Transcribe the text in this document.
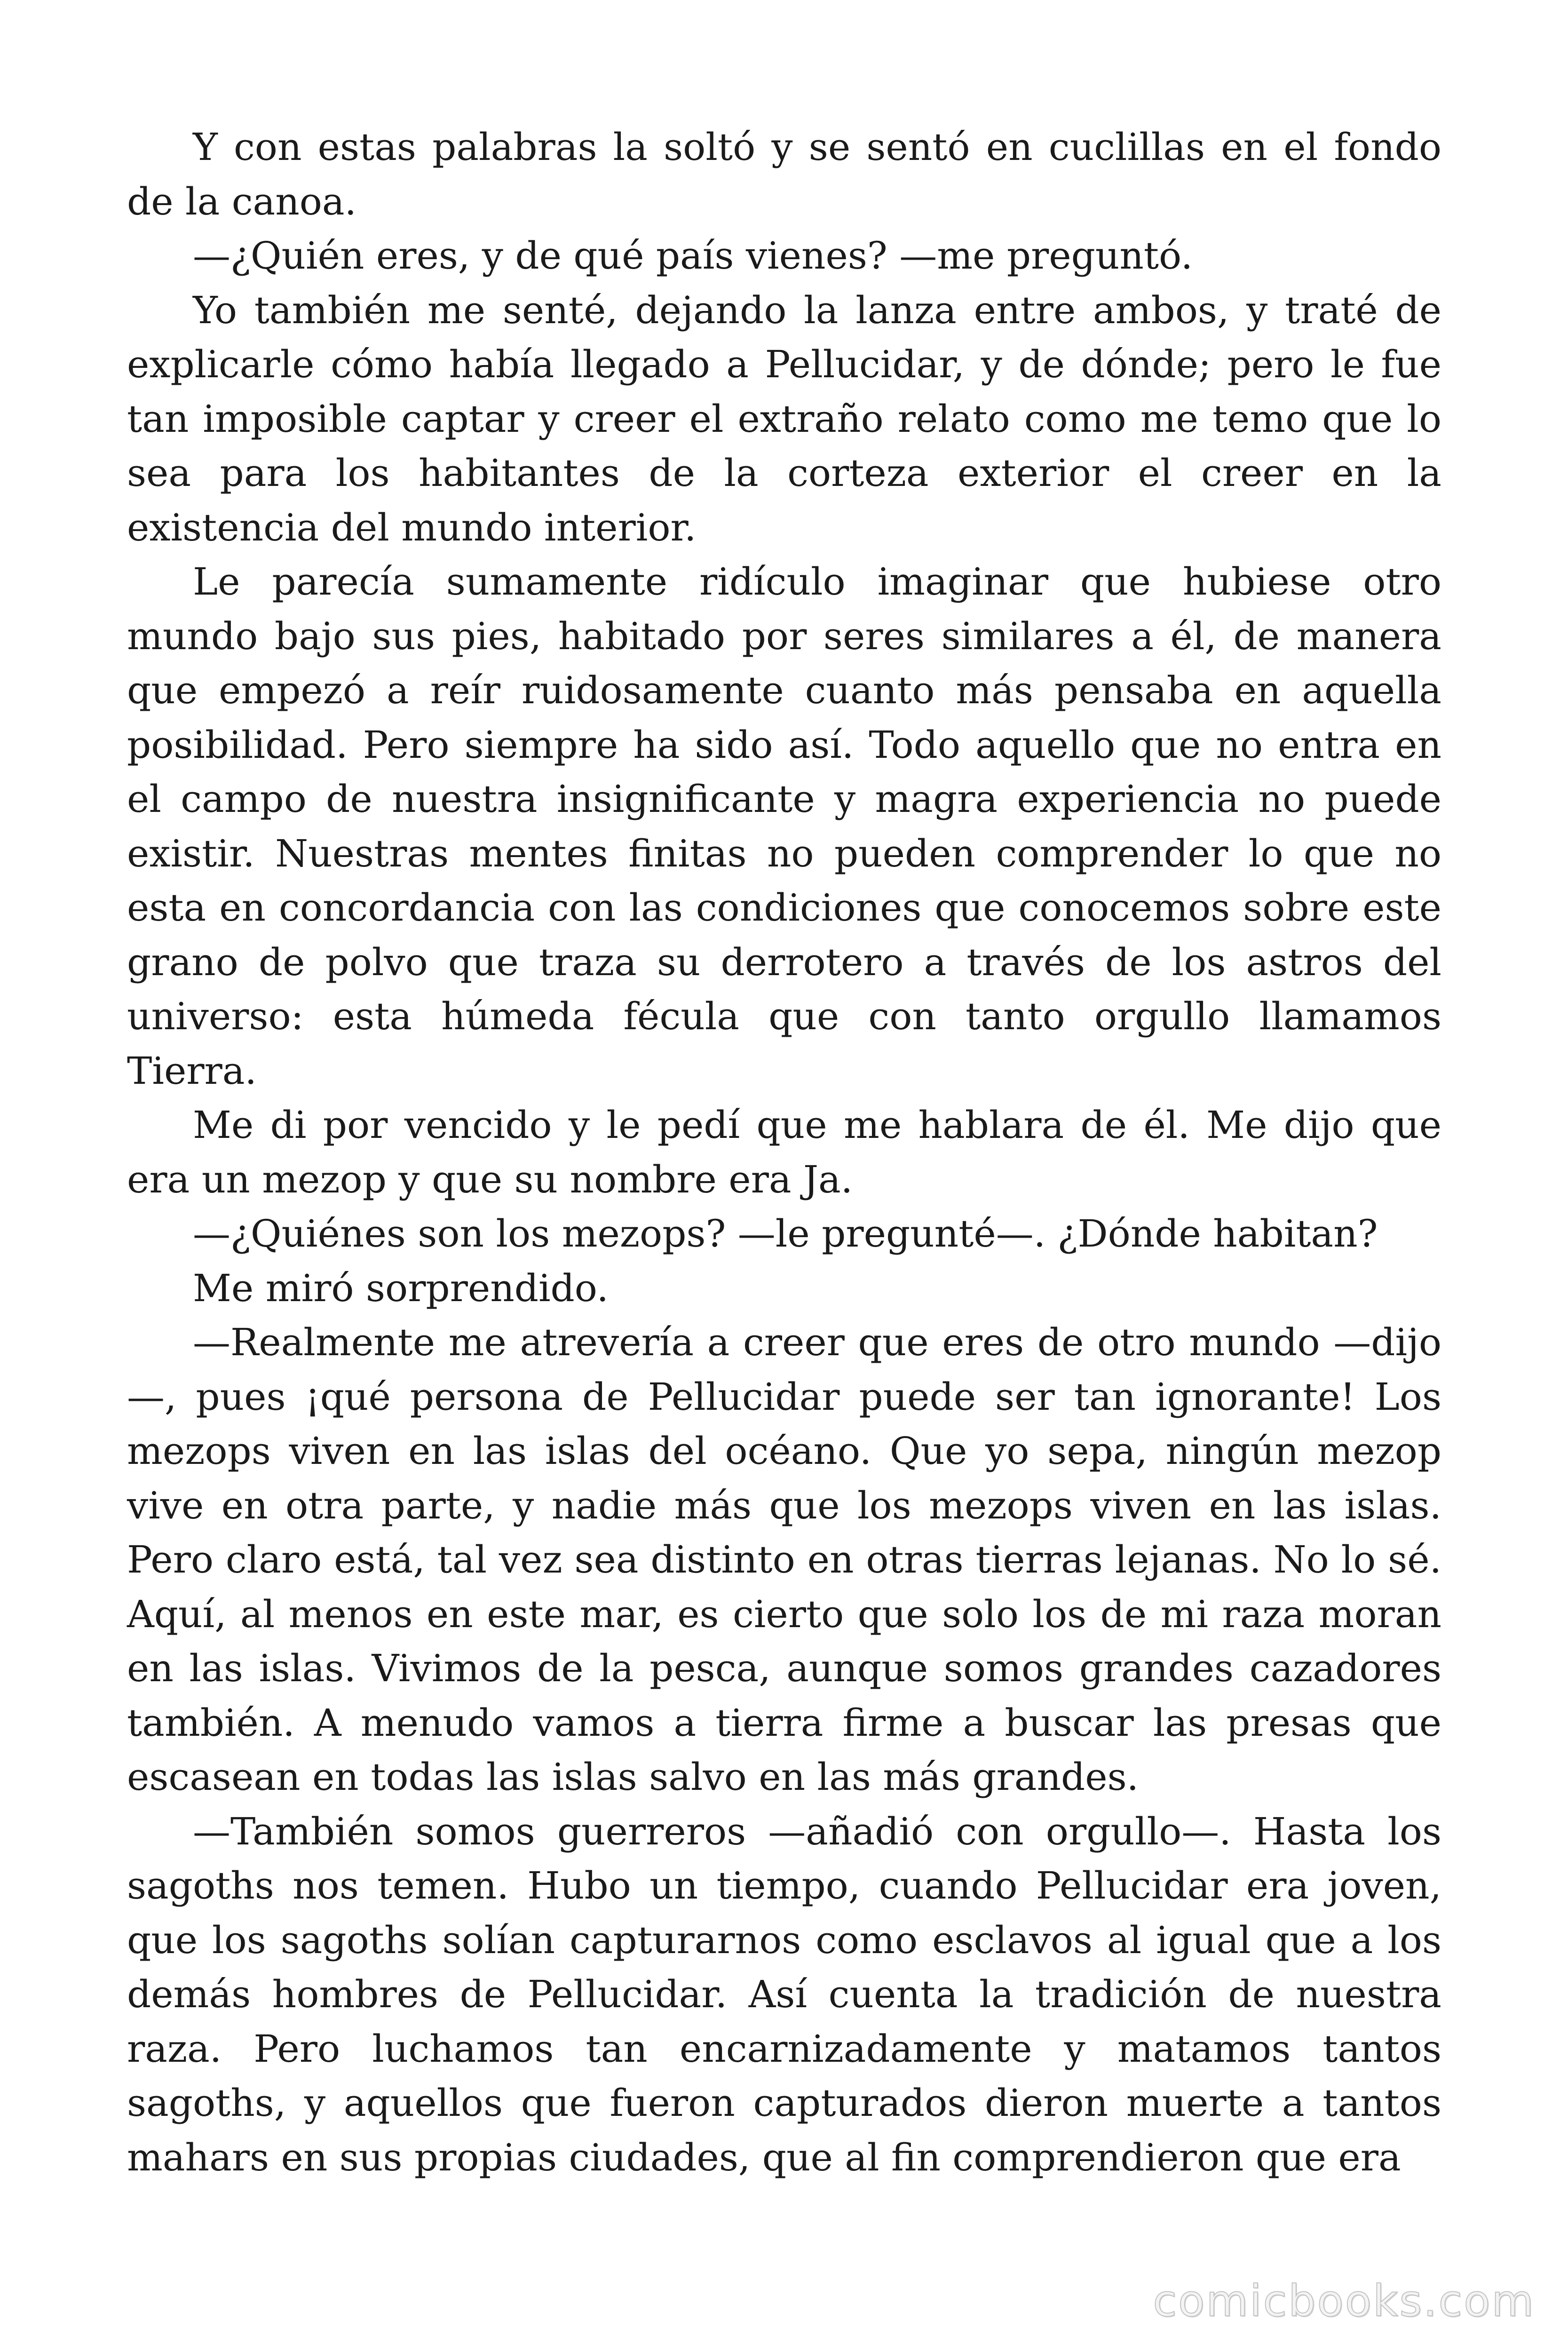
Y con estas palabras la soltó y se sentó en cuclillas en el fondo de la canoa.

—¿Quién eres, y de qué país vienes? —me preguntó.

Yo también me senté, dejando la lanza entre ambos, y traté de explicarle cómo había llegado a Pellucidar, y de dónde; pero le fue tan imposible captar y creer el extraño relato como me temo que lo sea para los habitantes de la corteza exterior el creer en la existencia del mundo interior.

Le parecía sumamente ridículo imaginar que hubiese otro mundo bajo sus pies, habitado por seres similares a él, de manera que empezó a reír ruidosamente cuanto más pensaba en aquella posibilidad. Pero siempre ha sido así. Todo aquello que no entra en el campo de nuestra insignificante y magra experiencia no puede existir. Nuestras mentes finitas no pueden comprender lo que no esta en concordancia con las condiciones que conocemos sobre este grano de polvo que traza su derrotero a través de los astros del universo: esta húmeda fécula que con tanto orgullo llamamos Tierra.

Me di por vencido y le pedí que me hablara de él. Me dijo que era un mezop y que su nombre era Ja.

—¿Quiénes son los mezops? —le pregunté—. ¿Dónde habitan?

Me miró sorprendido.

—Realmente me atrevería a creer que eres de otro mundo —dijo —, pues ¡qué persona de Pellucidar puede ser tan ignorante! Los mezops viven en las islas del océano. Que yo sepa, ningún mezop vive en otra parte, y nadie más que los mezops viven en las islas. Pero claro está, tal vez sea distinto en otras tierras lejanas. No lo sé. Aquí, al menos en este mar, es cierto que solo los de mi raza moran en las islas. Vivimos de la pesca, aunque somos grandes cazadores también. A menudo vamos a tierra firme a buscar las presas que escasean en todas las islas salvo en las más grandes.

—También somos guerreros —añadió con orgullo—. Hasta los sagoths nos temen. Hubo un tiempo, cuando Pellucidar era joven, que los sagoths solían capturarnos como esclavos al igual que a los demás hombres de Pellucidar. Así cuenta la tradición de nuestra raza. Pero luchamos tan encarnizadamente y matamos tantos sagoths, y aquellos que fueron capturados dieron muerte a tantos mahars en sus propias ciudades, que al fin comprendieron que era

comicbooks.com
